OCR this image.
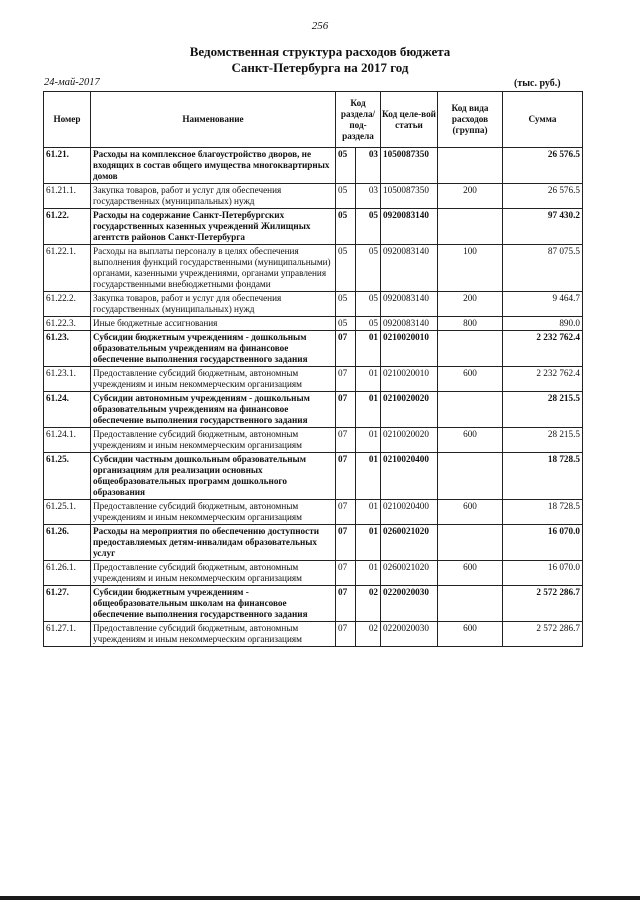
256
Ведомственная структура расходов бюджета
Санкт-Петербурга на 2017 год
24-май-2017	(тыс. руб.)
Номер	Наименование	Код раздела/ под-раздела		Код целе-вой статьи	Код вида расходов (группа)	Сумма
61.21.	Расходы на комплексное благоустройство дворов, не входящих в состав общего имущества многоквартирных домов	05	03	1050087350		26 576.5
61.21.1.	Закупка товаров, работ и услуг для обеспечения государственных (муниципальных) нужд	05	03	1050087350	200	26 576.5
61.22.	Расходы на содержание Санкт-Петербургских государственных казенных учреждений Жилищных агентств районов Санкт-Петербурга	05	05	0920083140		97 430.2
61.22.1.	Расходы на выплаты персоналу в целях обеспечения выполнения функций государственными (муниципальными) органами, казенными учреждениями, органами управления государственными внебюджетными фондами	05	05	0920083140	100	87 075.5
61.22.2.	Закупка товаров, работ и услуг для обеспечения государственных (муниципальных) нужд	05	05	0920083140	200	9 464.7
61.22.3.	Иные бюджетные ассигнования	05	05	0920083140	800	890.0
61.23.	Субсидии бюджетным учреждениям - дошкольным образовательным учреждениям на финансовое обеспечение выполнения государственного задания	07	01	0210020010		2 232 762.4
61.23.1.	Предоставление субсидий бюджетным, автономным учреждениям и иным некоммерческим организациям	07	01	0210020010	600	2 232 762.4
61.24.	Субсидии автономным учреждениям - дошкольным образовательным учреждениям на финансовое обеспечение выполнения государственного задания	07	01	0210020020		28 215.5
61.24.1.	Предоставление субсидий бюджетным, автономным учреждениям и иным некоммерческим организациям	07	01	0210020020	600	28 215.5
61.25.	Субсидии частным дошкольным образовательным организациям для реализации основных общеобразовательных программ дошкольного образования	07	01	0210020400		18 728.5
61.25.1.	Предоставление субсидий бюджетным, автономным учреждениям и иным некоммерческим организациям	07	01	0210020400	600	18 728.5
61.26.	Расходы на мероприятия по обеспечению доступности предоставляемых детям-инвалидам образовательных услуг	07	01	0260021020		16 070.0
61.26.1.	Предоставление субсидий бюджетным, автономным учреждениям и иным некоммерческим организациям	07	01	0260021020	600	16 070.0
61.27.	Субсидии бюджетным учреждениям - общеобразовательным школам на финансовое обеспечение выполнения государственного задания	07	02	0220020030		2 572 286.7
61.27.1.	Предоставление субсидий бюджетным, автономным учреждениям и иным некоммерческим организациям	07	02	0220020030	600	2 572 286.7
